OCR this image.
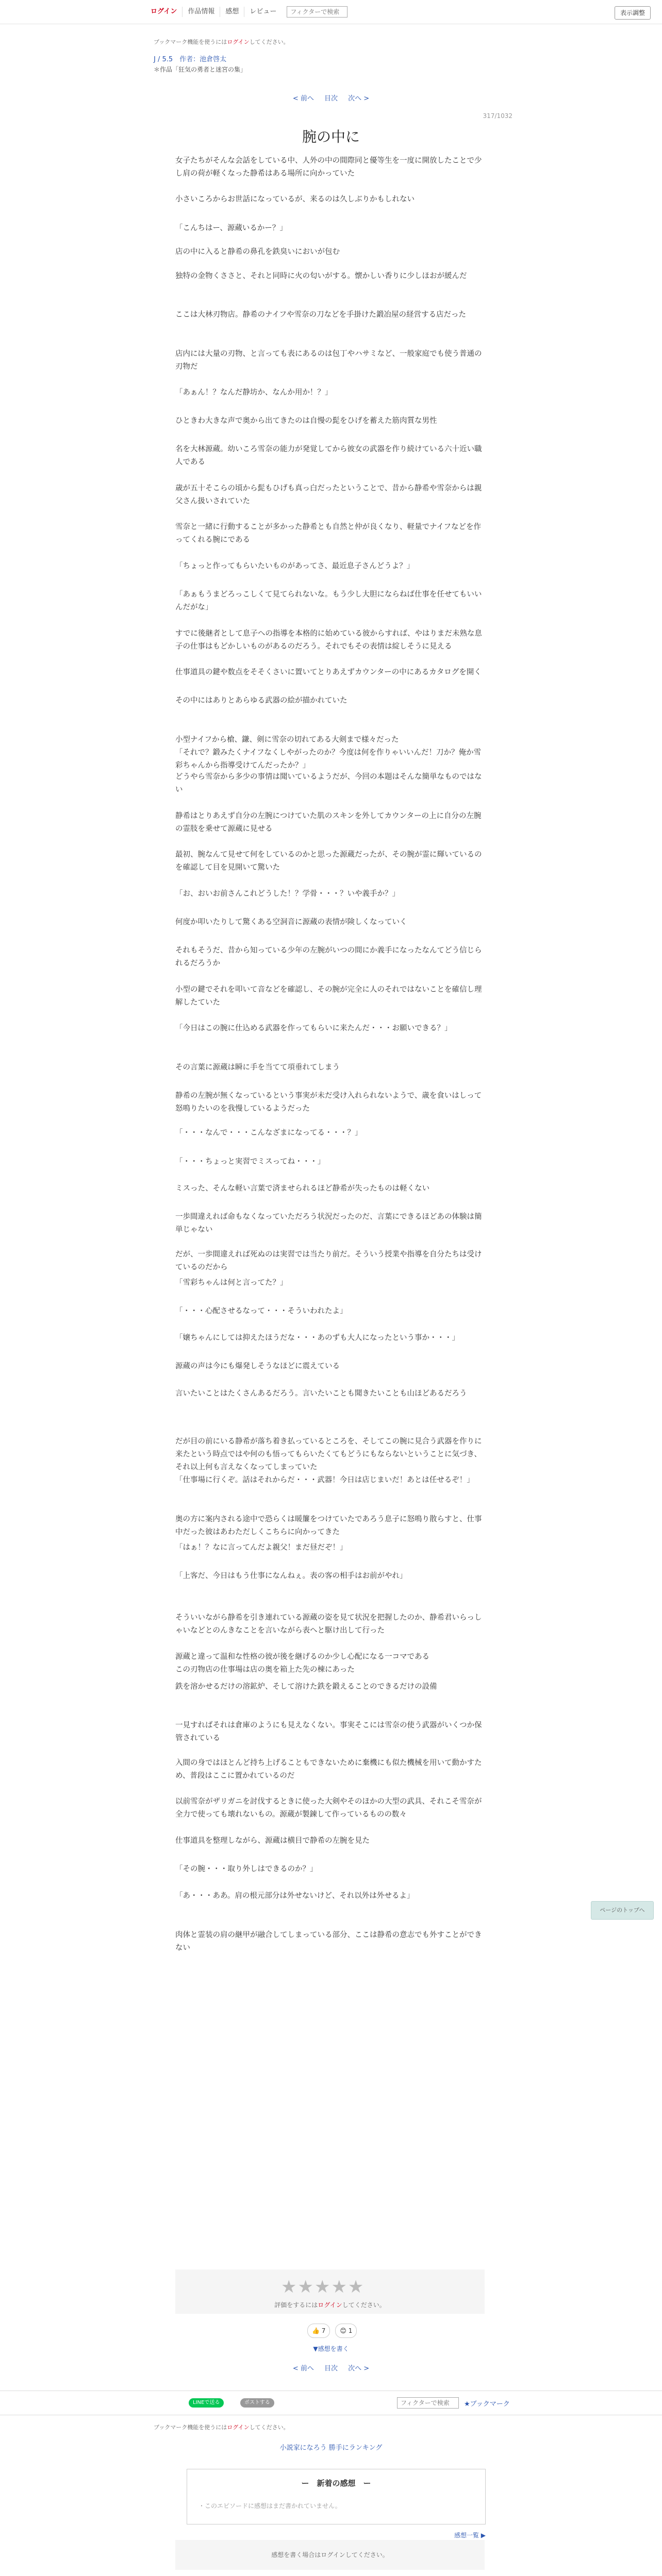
ログイン	作品情報	感想	レビュー
フィクターで検索	表示調整
ブックマーク機能を使うにはログインしてください。
J / 5.5　作者：池倉啓太
＊作品「狂気の勇者と迷宮の集」
< 前へ 目次 次へ >
317/1032
腕の中に
女子たちがそんな会話をしている中、人外の中の間際同と優等生を一度に開放したことで少し肩の荷が軽くなった静希はある場所に向かっていた
小さいころからお世話になっているが、来るのは久しぶりかもしれない
「こんちはー、源蔵いるかー？」
店の中に入ると静希の鼻孔を鉄臭いにおいが包む
独特の金物くささと、それと同時に火の匂いがする。懐かしい香りに少しほおが緩んだ
ここは大林刃物店。静希のナイフや雪奈の刀などを手掛けた鍛冶屋の経営する店だった
店内には大量の刃物、と言っても表にあるのは包丁やハサミなど、一般家庭でも使う普通の刃物だ
「あぁん！？なんだ静坊か、なんか用か！？」
ひときわ大きな声で奥から出てきたのは自慢の髭をひげを蓄えた筋肉質な男性
名を大林源蔵。幼いころ雪奈の能力が発覚してから彼女の武器を作り続けている六十近い職人である
歳が五十そこらの頃から髭もひげも真っ白だったということで、昔から静希や雪奈からは親父さん扱いされていた
雪奈と一緒に行動することが多かった静希とも自然と仲が良くなり、軽量でナイフなどを作ってくれる腕にである
「ちょっと作ってもらいたいものがあってさ、最近息子さんどうよ？」
「あぁもうまどろっこしくて見てられないな。もう少し大胆にならねば仕事を任せてもいいんだがな」
すでに後継者として息子への指導を本格的に始めている彼からすれば、やはりまだ未熟な息子の仕事はもどかしいものがあるのだろう。それでもその表情は綻しそうに見える
仕事道具の鍵や数点をそそくさいに置いてとりあえずカウンターの中にあるカタログを開く
その中にはありとあらゆる武器の絵が描かれていた
小型ナイフから槍、鎌、剣に雪奈の切れてある大剣まで様々だった
「それで？鍛みたくナイフなくしやがったのか？今度は何を作りゃいいんだ！刀か？俺か雪彩ちゃんから指導受けてんだったか？」
どうやら雪奈から多少の事情は聞いているようだが、今回の本題はそんな簡単なものではない
静希はとりあえず自分の左腕につけていた肌のスキンを外してカウンターの上に自分の左腕の霊肢を乗せて源蔵に見せる
最初、腕なんて見せて何をしているのかと思った源蔵だったが、その腕が霊に輝いているのを確認して目を見開いて驚いた
「お、おいお前さんこれどうした！？学骨・・・？いや義手か？」
何度か叩いたりして驚くある空洞音に源蔵の表情が険しくなっていく
それもそうだ、昔から知っている少年の左腕がいつの間にか義手になったなんてどう信じられるだろうか
小型の鍵でそれを叩いて音などを確認し、その腕が完全に人のそれではないことを確信し理解したていた
「今日はこの腕に仕込める武器を作ってもらいに来たんだ・・・お願いできる？」
その言葉に源蔵は瞬に手を当てて項垂れてしまう
静希の左腕が無くなっているという事実が未だ受け入れられないようで、歳を食いはしって怒鳴りたいのを我慢しているようだった
「・・・なんで・・・こんなざまになってる・・・？」
「・・・ちょっと実習でミスってね・・・」
ミスった、そんな軽い言葉で済ませられるほど静希が失ったものは軽くない
一歩間違えれば命もなくなっていただろう状況だったのだ、言葉にできるほどあの体験は簡単じゃない
だが、一歩間違えれば死ぬのは実習では当たり前だ。そういう授業や指導を自分たちは受けているのだから
「雪彩ちゃんは何と言ってた？」
「・・・心配させるなって・・・そういわれたよ」
「嬢ちゃんにしては抑えたほうだな・・・あのずも大人になったという事か・・・」
源蔵の声は今にも爆発しそうなほどに震えている
言いたいことはたくさんあるだろう。言いたいことも聞きたいことも山ほどあるだろう
だが目の前にいる静希が落ち着き払っているところを、そしてこの腕に見合う武器を作りに来たという時点ではや何のも悟ってもらいたくてもどうにもならないということに気づき、それ以上何も言えなくなってしまっていた
「仕事場に行くぞ。話はそれからだ・・・武器！今日は店じまいだ！あとは任せるぞ！」
奥の方に案内される途中で恐らくは暖簾をつけていたであろう息子に怒鳴り散らすと、仕事中だった彼はあわただしくこちらに向かってきた
「はぁ！？なに言ってんだよ親父！まだ昼だぞ！」
「上客だ、今日はもう仕事になんねぇ。表の客の相手はお前がやれ」
そういいながら静希を引き連れている源蔵の姿を見て状況を把握したのか、静希君いらっしゃいなどとのんきなことを言いながら表へと駆け出して行った
源蔵と違って温和な性格の彼が後を継げるのか少し心配になる一コマである
この刃物店の仕事場は店の奥を箱上た先の棟にあった
鉄を溶かせるだけの溶鉱炉、そして溶けた鉄を鍛えることのできるだけの設備
一見すればそれは倉庫のようにも見えなくない。事実そこには雪奈の使う武器がいくつか保管されている
入間の身ではほとんど持ち上げることもできないために棄機にも似た機械を用いて動かすため、普段はここに置かれているのだ
以前雪奈がザリガニを討伐するときに使った大剣やそのほかの大型の武具、それこそ雪奈が全力で使っても壊れないもの。源蔵が製錬して作っているものの数々
仕事道具を整理しながら、源蔵は横目で静希の左腕を見た
「その腕・・・取り外しはできるのか？」
「あ・・・ああ。肩の根元部分は外せないけど、それ以外は外せるよ」
肉体と霊装の肩の継甲が融合してしまっている部分、ここは静希の意志でも外すことができない
ページのトップへ
★★★★★
評価をするにはログインしてください。
👍 7	😊 1
▼感想を書く
< 前へ 目次 次へ >
LINEで送る	ポストする
フィクターで検索	★ブックマーク
ブックマーク機能を使うにはログインしてください。
小説家になろう 勝手にランキング
ー　新着の感想　ー
・このエピソードに感想はまだ書かれていません。
感想一覧 ▶
感想を書く場合はログインしてください。
